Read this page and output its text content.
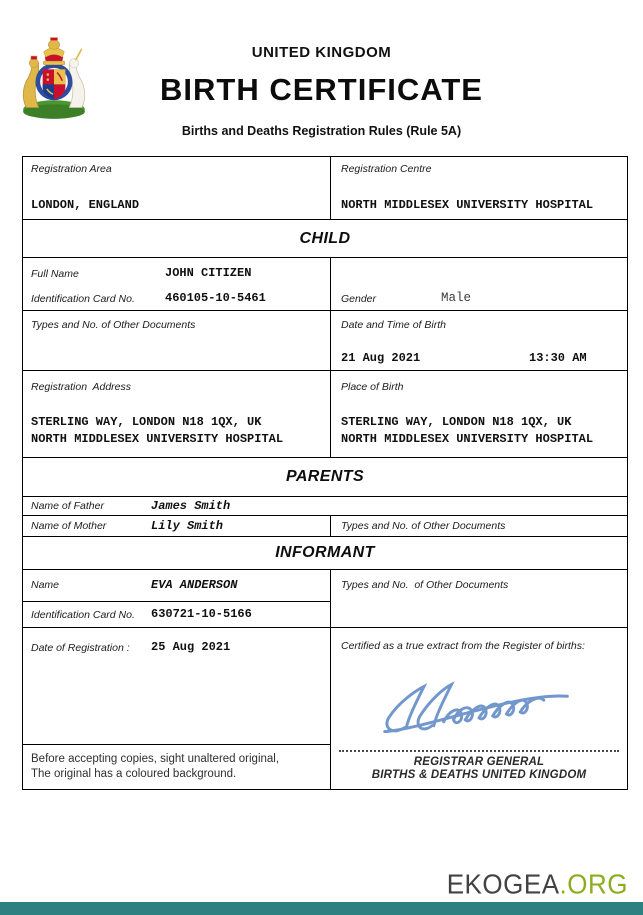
UNITED KINGDOM
BIRTH CERTIFICATE
Births and Deaths Registration Rules (Rule 5A)
Registration Area
LONDON, ENGLAND
Registration Centre
NORTH MIDDLESEX UNIVERSITY HOSPITAL
CHILD
Full Name	JOHN CITIZEN
Identification Card No.	460105-10-5461	Gender	Male
Types and No. of Other Documents	Date and Time of Birth
21 Aug 2021	13:30 AM
Registration  Address
STERLING WAY, LONDON N18 1QX, UK
NORTH MIDDLESEX UNIVERSITY HOSPITAL
Place of Birth
STERLING WAY, LONDON N18 1QX, UK
NORTH MIDDLESEX UNIVERSITY HOSPITAL
PARENTS
Name of Father	James Smith
Name of Mother	Lily Smith	Types and No. of Other Documents
INFORMANT
Name	EVA ANDERSON	Types and No.  of Other Documents
Identification Card No. 630721-10-5166
Date of Registration : 25 Aug 2021	Certified as a true extract from the Register of births:
REGISTRAR GENERAL
BIRTHS & DEATHS UNITED KINGDOM
Before accepting copies, sight unaltered original,
The original has a coloured background.
EKOGEA.ORG
